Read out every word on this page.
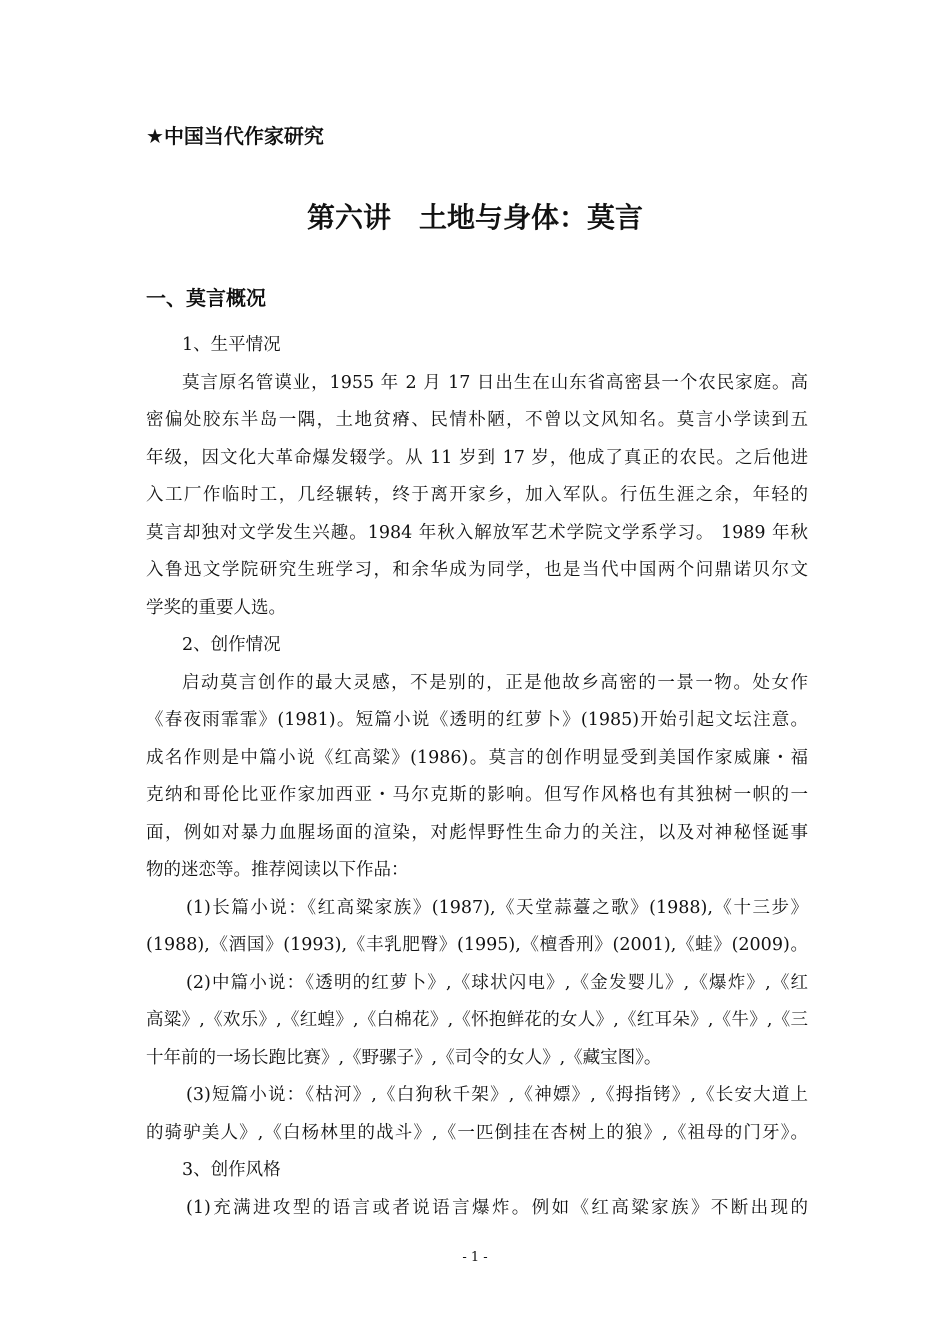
★中国当代作家研究
第六讲　土地与身体：莫言
一、莫言概况
1、生平情况
莫言原名管谟业，1955 年 2 月 17 日出生在山东省高密县一个农民家庭。高
密偏处胶东半岛一隅，土地贫瘠、民情朴陋，不曾以文风知名。莫言小学读到五
年级，因文化大革命爆发辍学。从 11 岁到 17 岁，他成了真正的农民。之后他进
入工厂作临时工，几经辗转，终于离开家乡，加入军队。行伍生涯之余，年轻的
莫言却独对文学发生兴趣。1984 年秋入解放军艺术学院文学系学习。 1989 年秋
入鲁迅文学院研究生班学习，和余华成为同学，也是当代中国两个问鼎诺贝尔文
学奖的重要人选。
2、创作情况
启动莫言创作的最大灵感，不是别的，正是他故乡高密的一景一物。处女作
《春夜雨霏霏》(1981)。短篇小说《透明的红萝卜》(1985)开始引起文坛注意。
成名作则是中篇小说《红高粱》(1986)。莫言的创作明显受到美国作家威廉・福
克纳和哥伦比亚作家加西亚・马尔克斯的影响。但写作风格也有其独树一帜的一
面，例如对暴力血腥场面的渲染，对彪悍野性生命力的关注，以及对神秘怪诞事
物的迷恋等。推荐阅读以下作品：
(1)长篇小说：《红高粱家族》(1987),《天堂蒜薹之歌》(1988),《十三步》
(1988),《酒国》(1993),《丰乳肥臀》(1995),《檀香刑》(2001),《蛙》(2009)。
(2)中篇小说：《透明的红萝卜》,《球状闪电》,《金发婴儿》,《爆炸》,《红
高粱》,《欢乐》,《红蝗》,《白棉花》,《怀抱鲜花的女人》,《红耳朵》,《牛》,《三
十年前的一场长跑比赛》,《野骡子》,《司令的女人》,《藏宝图》。
(3)短篇小说：《枯河》,《白狗秋千架》,《神嫖》,《拇指铐》,《长安大道上
的骑驴美人》,《白杨林里的战斗》,《一匹倒挂在杏树上的狼》,《祖母的门牙》。
3、创作风格
(1)充满进攻型的语言或者说语言爆炸。例如《红高粱家族》不断出现的
- 1 -
